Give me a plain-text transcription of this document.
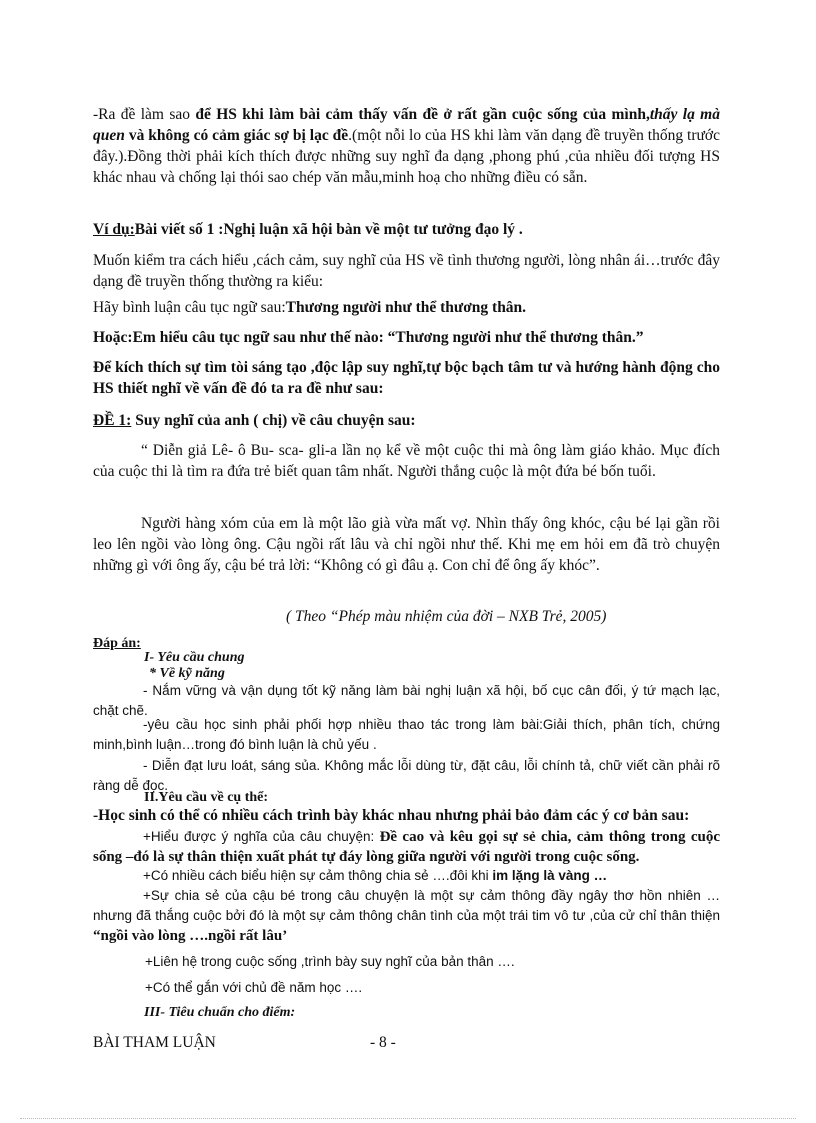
-Ra đề làm sao để HS khi làm bài cảm thấy vấn đề ở rất gần cuộc sống của mình,thấy lạ mà quen và không có cảm giác sợ bị lạc đề.(một nỗi lo của HS khi làm văn dạng đề truyền thống trước đây.).Đồng thời phải kích thích được những suy nghĩ đa dạng ,phong phú ,của nhiều đối tượng HS khác nhau và chống lại thói sao chép văn mẫu,minh hoạ cho những điều có sẵn.

Ví dụ:Bài viết số 1 :Nghị luận xã hội bàn về một tư tưởng đạo lý .

Muốn kiểm tra cách hiểu ,cách cảm, suy nghĩ của HS về tình thương người, lòng nhân ái…trước đây dạng đề truyền thống thường ra kiểu:

Hãy bình luận câu tục ngữ sau:Thương người như thể thương thân.

Hoặc:Em hiểu câu tục ngữ sau như thế nào: “Thương người như thể thương thân.”

Để kích thích sự tìm tòi sáng tạo ,độc lập suy nghĩ,tự bộc bạch tâm tư và hướng hành động cho HS thiết nghĩ về vấn đề đó ta ra đề như sau:

ĐỀ 1: Suy nghĩ của anh ( chị) về câu chuyện sau:

“ Diễn giả Lê- ô Bu- sca- gli-a lần nọ kể về một cuộc thi mà ông làm giáo khảo. Mục đích của cuộc thi là tìm ra đứa trẻ biết quan tâm nhất. Người thắng cuộc là một đứa bé bốn tuổi.

Người hàng xóm của em là một lão già vừa mất vợ. Nhìn thấy ông khóc, cậu bé lại gần rồi leo lên ngồi vào lòng ông. Cậu ngồi rất lâu và chỉ ngồi như thế. Khi mẹ em hỏi em đã trò chuyện những gì với ông ấy, cậu bé trả lời: “Không có gì đâu ạ. Con chỉ để ông ấy khóc”.

( Theo “Phép màu nhiệm của đời – NXB Trẻ, 2005)

Đáp án:

I- Yêu cầu chung

* Về kỹ năng

- Nắm vững và vận dụng tốt kỹ năng làm bài nghị luận xã hội, bố cục cân đối, ý tứ mạch lạc, chặt chẽ.

-yêu cầu học sinh phải phối hợp nhiều thao tác trong làm bài:Giải thích, phân tích, chứng minh,bình luận…trong đó bình luận là chủ yếu .

- Diễn đạt lưu loát, sáng sủa. Không mắc lỗi dùng từ, đặt câu, lỗi chính tả, chữ viết cần phải rõ ràng dễ đọc.

II.Yêu cầu về cụ thể:

-Học sinh có thể có nhiều cách trình bày khác nhau nhưng phải bảo đảm các ý cơ bản sau:

+Hiểu được ý nghĩa của câu chuyện: Đề cao và kêu gọi sự sẻ chia, cảm thông trong cuộc sống –đó là sự thân thiện xuất phát tự đáy lòng giữa người với người trong cuộc sống.

+Có nhiều cách biểu hiện sự cảm thông chia sẻ ….đôi khi im lặng là vàng …

+Sự chia sẻ của cậu bé trong câu chuyện là một sự cảm thông đầy ngây thơ hồn nhiên …nhưng đã thắng cuộc bởi đó là một sự cảm thông chân tình của một trái tim vô tư ,của cử chỉ thân thiện “ngồi vào lòng ….ngồi rất lâu’

+Liên hệ trong cuộc sống ,trình bày suy nghĩ của bản thân ….

+Có thể gắn với chủ đề năm học ….

III- Tiêu chuẩn cho điểm:

BÀI THAM LUẬN	- 8 -
